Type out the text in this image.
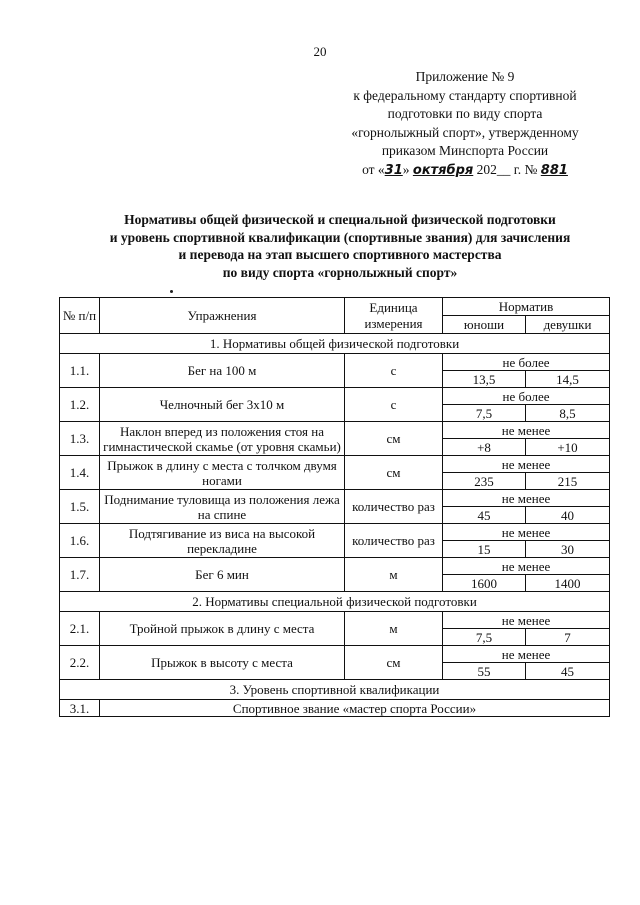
20
Приложение № 9
к федеральному стандарту спортивной
подготовки по виду спорта
«горнолыжный спорт», утвержденному
приказом Минспорта России
от «31» октября 202__ г. № 881
Нормативы общей физической и специальной физической подготовки
и уровень спортивной квалификации (спортивные звания) для зачисления
и перевода на этап высшего спортивного мастерства
по виду спорта «горнолыжный спорт»
№ п/п	Упражнения	Единица измерения	Норматив	
			юноши	девушки
1. Нормативы общей физической подготовки				
1.1.	Бег на 100 м	с	не более	
			13,5	14,5
1.2.	Челночный бег 3х10 м	с	не более	
			7,5	8,5
1.3.	Наклон вперед из положения стоя на гимнастической скамье (от уровня скамьи)	см	не менее	
			+8	+10
1.4.	Прыжок в длину с места с толчком двумя ногами	см	не менее	
			235	215
1.5.	Поднимание туловища из положения лежа на спине	количество раз	не менее	
			45	40
1.6.	Подтягивание из виса на высокой перекладине	количество раз	не менее	
			15	30
1.7.	Бег 6 мин	м	не менее	
			1600	1400
2. Нормативы специальной физической подготовки				
2.1.	Тройной прыжок в длину с места	м	не менее	
			7,5	7
2.2.	Прыжок в высоту с места	см	не менее	
			55	45
3. Уровень спортивной квалификации				
3.1.	Спортивное звание «мастер спорта России»			
